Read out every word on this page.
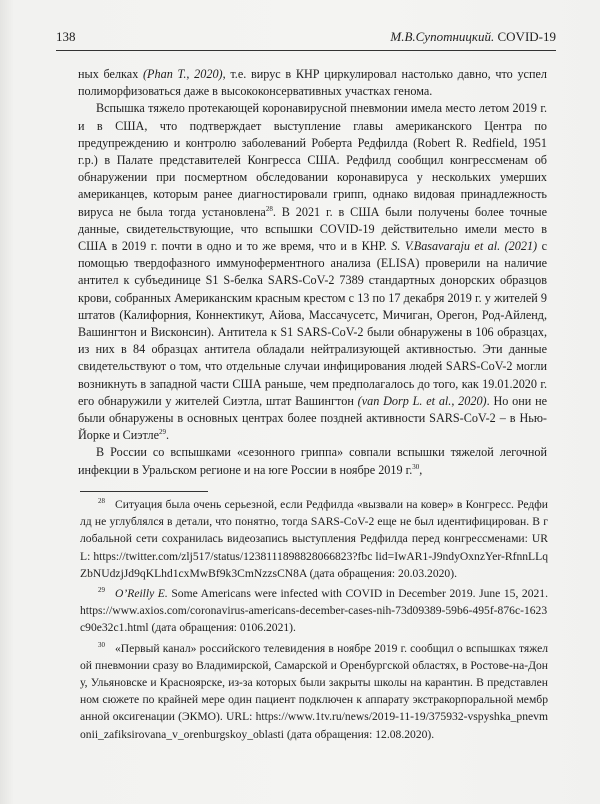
138	М.В.Супотницкий. COVID-19

ных белках (Phan T., 2020), т.е. вирус в КНР циркулировал настолько давно, что успел полиморфизоваться даже в высококонсервативных участках генома.

Вспышка тяжело протекающей коронавирусной пневмонии имела место летом 2019 г. и в США, что подтверждает выступление главы американского Центра по предупреждению и контролю заболеваний Роберта Редфилда (Robert R. Redfield, 1951 г.р.) в Палате представителей Конгресса США. Редфилд сообщил конгрессменам об обнаружении при посмертном обследовании коронавируса у нескольких умерших американцев, которым ранее диагностировали грипп, однако видовая принадлежность вируса не была тогда установлена$^{28}$. В 2021 г. в США были получены более точные данные, свидетельствующие, что вспышки COVID-19 действительно имели место в США в 2019 г. почти в одно и то же время, что и в КНР. S. V.Basavaraju et al. (2021) с помощью твердофазного иммуноферментного анализа (ELISA) проверили на наличие антител к субъединице S1 S-белка SARS-CoV-2 7389 стандартных донорских образцов крови, собранных Американским красным крестом с 13 по 17 декабря 2019 г. у жителей 9 штатов (Калифорния, Коннектикут, Айова, Массачусетс, Мичиган, Орегон, Род-Айленд, Вашингтон и Висконсин). Антитела к S1 SARS-CoV-2 были обнаружены в 106 образцах, из них в 84 образцах антитела обладали нейтрализующей активностью. Эти данные свидетельствуют о том, что отдельные случаи инфицирования людей SARS-CoV-2 могли возникнуть в западной части США раньше, чем предполагалось до того, как 19.01.2020 г. его обнаружили у жителей Сиэтла, штат Вашингтон (van Dorp L. et al., 2020). Но они не были обнаружены в основных центрах более поздней активности SARS-CoV-2 – в Нью-Йорке и Сиэтле$^{29}$.

В России со вспышками «сезонного гриппа» совпали вспышки тяжелой легочной инфекции в Уральском регионе и на юге России в ноябре 2019 г.$^{30}$,

$^{28}$ Ситуация была очень серьезной, если Редфилда «вызвали на ковер» в Конгресс. Редфилд не углублялся в детали, что понятно, тогда SARS-CoV-2 еще не был идентифицирован. В глобальной сети сохранилась видеозапись выступления Редфилда перед конгрессменами: URL: https://twitter.com/zlj517/status/1238111898828066823?fbc lid=IwAR1-J9ndyOxnzYer-RfnnLLqZbNUdzjJd9qKLhd1cxMwBf9k3CmNzzsCN8A (дата обращения: 20.03.2020).

$^{29}$ O’Reilly E. Some Americans were infected with COVID in December 2019. June 15, 2021. https://www.axios.com/coronavirus-americans-december-cases-nih-73d09389-59b6-495f-876c-1623c90e32c1.html (дата обращения: 0106.2021).

$^{30}$ «Первый канал» российского телевидения в ноябре 2019 г. сообщил о вспышках тяжелой пневмонии сразу во Владимирской, Самарской и Оренбургской областях, в Ростове-на-Дону, Ульяновске и Красноярске, из-за которых были закрыты школы на карантин. В представленном сюжете по крайней мере один пациент подключен к аппарату экстракорпоральной мембранной оксигенации (ЭКМО). URL: https://www.1tv.ru/news/2019-11-19/375932-vspyshka_pnevmonii_zafiksirovana_v_orenburgskoy_oblasti (дата обращения: 12.08.2020).
